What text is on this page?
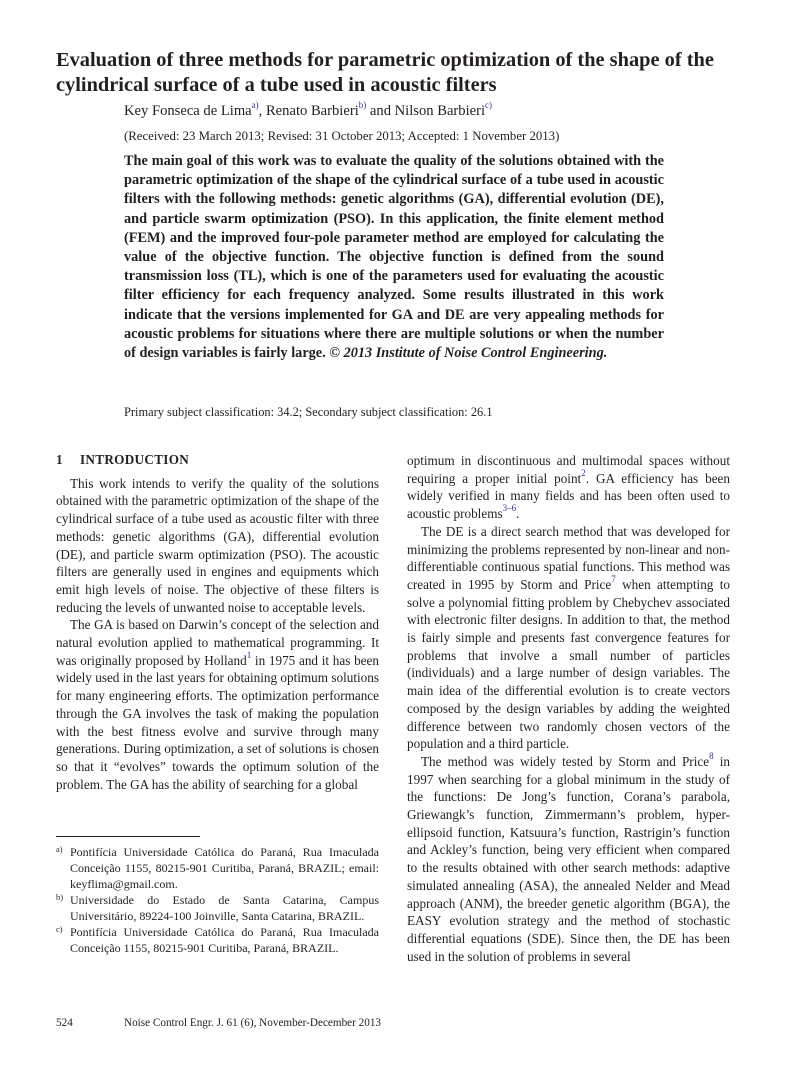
Evaluation of three methods for parametric optimization of the shape of the cylindrical surface of a tube used in acoustic filters
Key Fonseca de Lima$^{a)}$, Renato Barbieri$^{b)}$ and Nilson Barbieri$^{c)}$
(Received: 23 March 2013; Revised: 31 October 2013; Accepted: 1 November 2013)
The main goal of this work was to evaluate the quality of the solutions obtained with the parametric optimization of the shape of the cylindrical surface of a tube used in acoustic filters with the following methods: genetic algorithms (GA), differential evolution (DE), and particle swarm optimization (PSO). In this application, the finite element method (FEM) and the improved four-pole parameter method are employed for calculating the value of the objective function. The objective function is defined from the sound transmission loss (TL), which is one of the parameters used for evaluating the acoustic filter efficiency for each frequency analyzed. Some results illustrated in this work indicate that the versions implemented for GA and DE are very appealing methods for acoustic problems for situations where there are multiple solutions or when the number of design variables is fairly large. © 2013 Institute of Noise Control Engineering.
Primary subject classification: 34.2; Secondary subject classification: 26.1
1 INTRODUCTION

This work intends to verify the quality of the solutions obtained with the parametric optimization of the shape of the cylindrical surface of a tube used as acoustic filter with three methods: genetic algorithms (GA), differential evolution (DE), and particle swarm optimization (PSO). The acoustic filters are generally used in engines and equipments which emit high levels of noise. The objective of these filters is reducing the levels of unwanted noise to acceptable levels.

The GA is based on Darwin’s concept of the selection and natural evolution applied to mathematical programming. It was originally proposed by Holland$^1$ in 1975 and it has been widely used in the last years for obtaining optimum solutions for many engineering efforts. The optimization performance through the GA involves the task of making the population with the best fitness evolve and survive through many generations. During optimization, a set of solutions is chosen so that it “evolves” towards the optimum solution of the problem. The GA has the ability of searching for a global

optimum in discontinuous and multimodal spaces without requiring a proper initial point$^2$. GA efficiency has been widely verified in many fields and has been often used to acoustic problems$^{3-6}$.

The DE is a direct search method that was developed for minimizing the problems represented by non-linear and non-differentiable continuous spatial functions. This method was created in 1995 by Storm and Price$^7$ when attempting to solve a polynomial fitting problem by Chebychev associated with electronic filter designs. In addition to that, the method is fairly simple and presents fast convergence features for problems that involve a small number of particles (individuals) and a large number of design variables. The main idea of the differential evolution is to create vectors composed by the design variables by adding the weighted difference between two randomly chosen vectors of the population and a third particle.

The method was widely tested by Storm and Price$^8$ in 1997 when searching for a global minimum in the study of the functions: De Jong’s function, Corana’s parabola, Griewangk’s function, Zimmermann’s problem, hyper-ellipsoid function, Katsuura’s function, Rastrigin’s function and Ackley’s function, being very efficient when compared to the results obtained with other search methods: adaptive simulated annealing (ASA), the annealed Nelder and Mead approach (ANM), the breeder genetic algorithm (BGA), the EASY evolution strategy and the method of stochastic differential equations (SDE). Since then, the DE has been used in the solution of problems in several

a) Pontifícia Universidade Católica do Paraná, Rua Imaculada Conceição 1155, 80215-901 Curitiba, Paraná, BRAZIL; email: keyflima@gmail.com.
b) Universidade do Estado de Santa Catarina, Campus Universitário, 89224-100 Joinville, Santa Catarina, BRAZIL.
c) Pontifícia Universidade Católica do Paraná, Rua Imaculada Conceição 1155, 80215-901 Curitiba, Paraná, BRAZIL.
524	Noise Control Engr. J. 61 (6), November-December 2013
